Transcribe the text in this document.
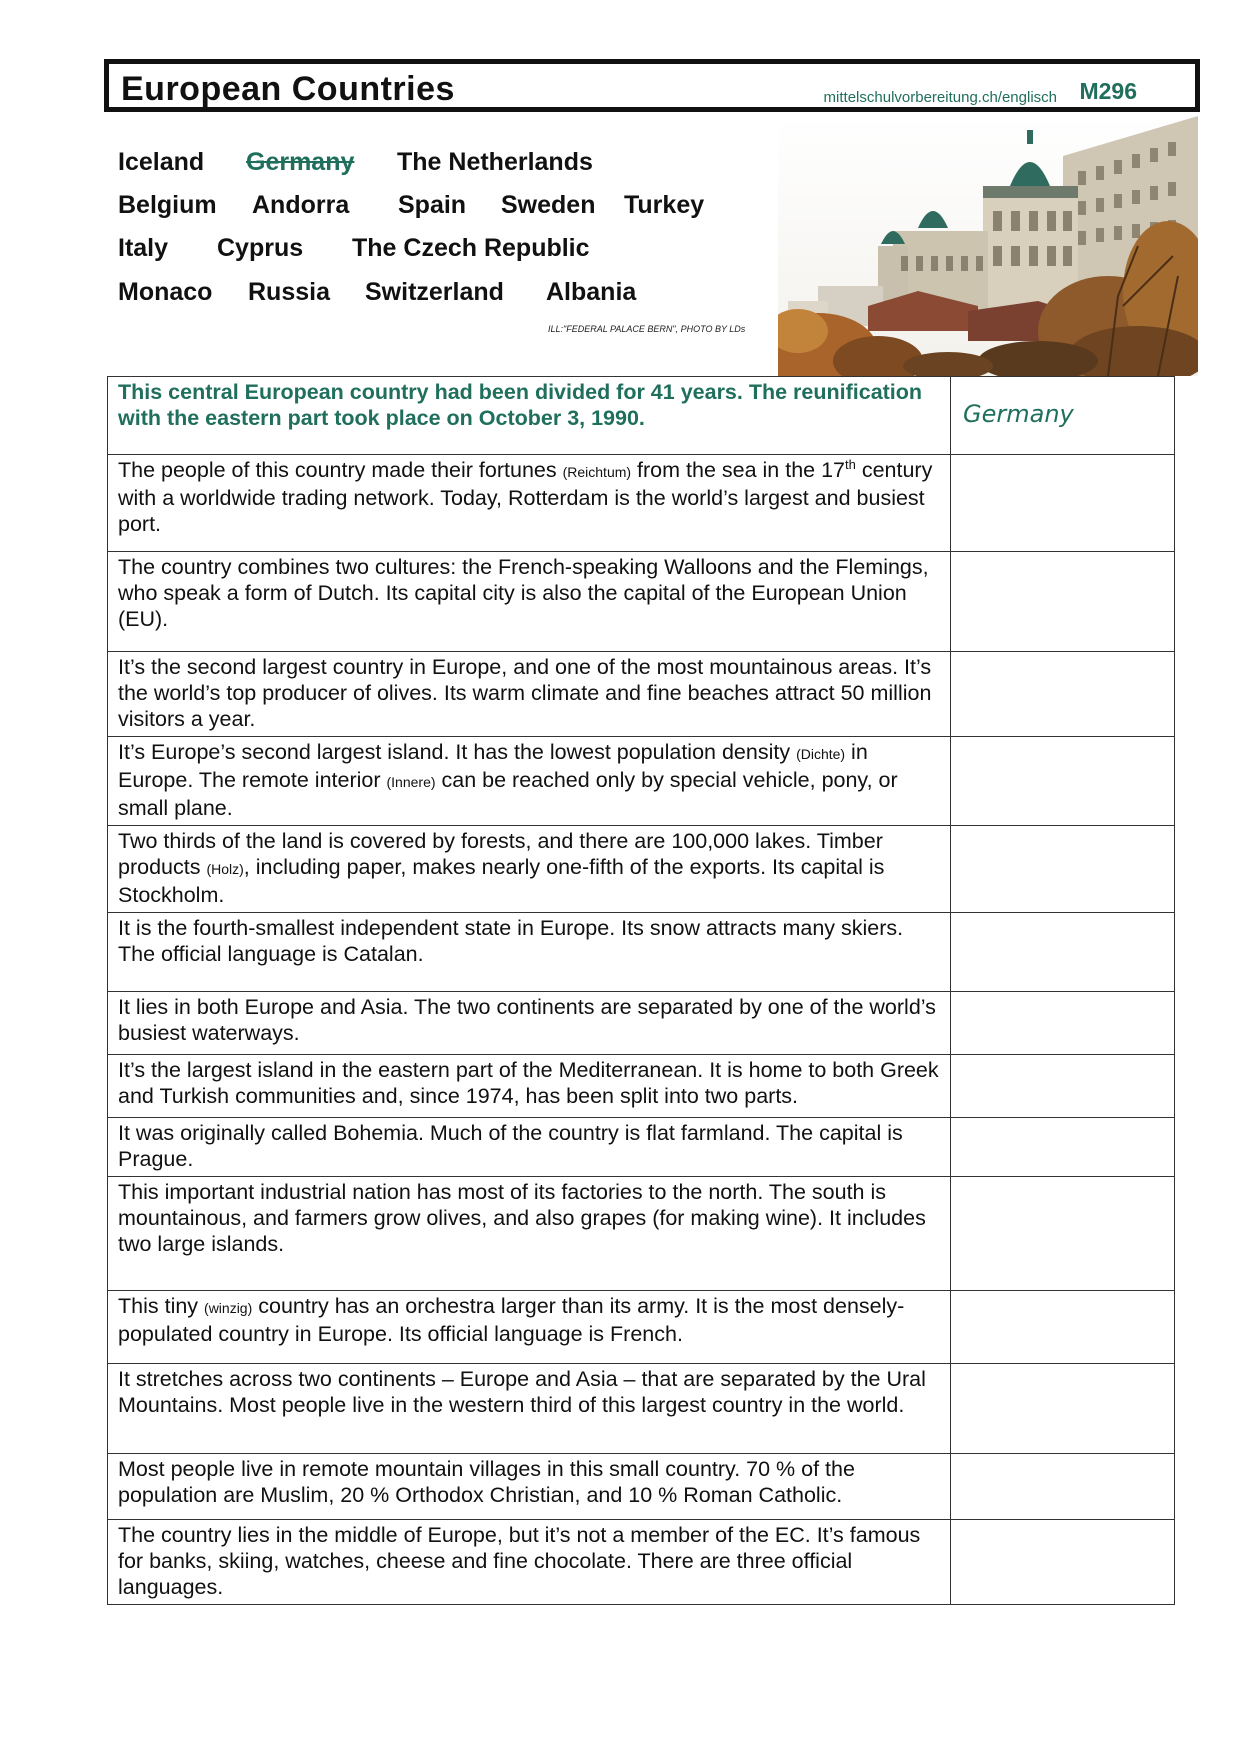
European Countries	mittelschulvorbereitung.ch/englisch M296
Iceland Germany The Netherlands
Belgium Andorra Spain Sweden Turkey
Italy Cyprus The Czech Republic
Monaco Russia Switzerland Albania
ILL:"FEDERAL PALACE BERN", PHOTO BY LDs
This central European country had been divided for 41 years. The reunification with the eastern part took place on October 3, 1990.	Germany
The people of this country made their fortunes (Reichtum) from the sea in the 17th century with a worldwide trading network. Today, Rotterdam is the world’s largest and busiest port.	
The country combines two cultures: the French-speaking Walloons and the Flemings, who speak a form of Dutch. Its capital city is also the capital of the European Union (EU).	
It’s the second largest country in Europe, and one of the most mountainous areas. It’s the world’s top producer of olives. Its warm climate and fine beaches attract 50 million visitors a year.	
It’s Europe’s second largest island. It has the lowest population density (Dichte) in Europe. The remote interior (Innere) can be reached only by special vehicle, pony, or small plane.	
Two thirds of the land is covered by forests, and there are 100,000 lakes. Timber products (Holz), including paper, makes nearly one-fifth of the exports. Its capital is Stockholm.	
It is the fourth-smallest independent state in Europe. Its snow attracts many skiers. The official language is Catalan.	
It lies in both Europe and Asia. The two continents are separated by one of the world’s busiest waterways.	
It’s the largest island in the eastern part of the Mediterranean. It is home to both Greek and Turkish communities and, since 1974, has been split into two parts.	
It was originally called Bohemia. Much of the country is flat farmland. The capital is Prague.	
This important industrial nation has most of its factories to the north. The south is mountainous, and farmers grow olives, and also grapes (for making wine). It includes two large islands.	
This tiny (winzig) country has an orchestra larger than its army. It is the most densely-populated country in Europe. Its official language is French.	
It stretches across two continents – Europe and Asia – that are separated by the Ural Mountains. Most people live in the western third of this largest country in the world.	
Most people live in remote mountain villages in this small country. 70 % of the population are Muslim, 20 % Orthodox Christian, and 10 % Roman Catholic.	
The country lies in the middle of Europe, but it’s not a member of the EC. It’s famous for banks, skiing, watches, cheese and fine chocolate. There are three official languages.	
